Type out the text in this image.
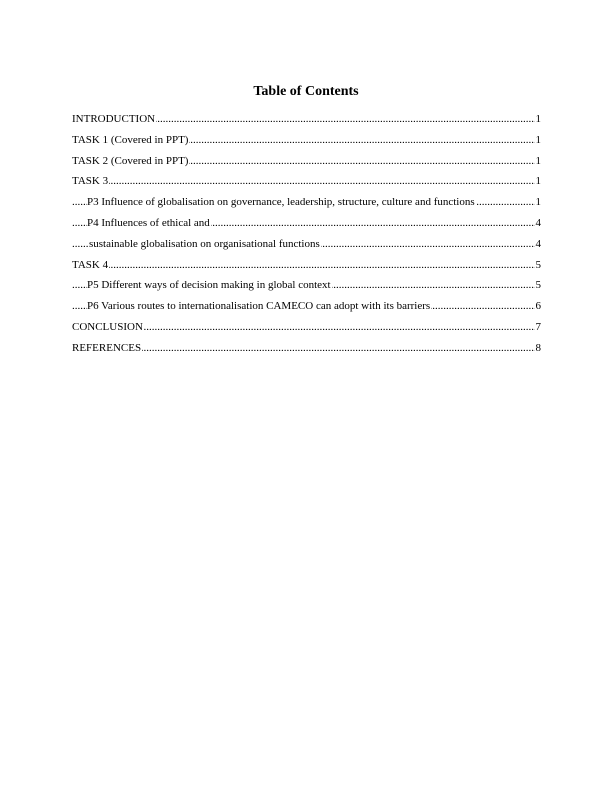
Table of Contents
.....
INTRODUCTION	1
.....
TASK 1 (Covered in PPT)	1
.....
TASK 2 (Covered in PPT)	1
.....
TASK 3	1
.....
P3 Influence of globalisation on governance, leadership, structure, culture and functions	1
.....
P4 Influences of ethical and	4
.....
sustainable globalisation on organisational functions	4
.....
TASK 4	5
.....
P5 Different ways of decision making in global context	5
.....
P6 Various routes to internationalisation CAMECO can adopt with its barriers	6
.....
CONCLUSION	7
.....
REFERENCES	8
